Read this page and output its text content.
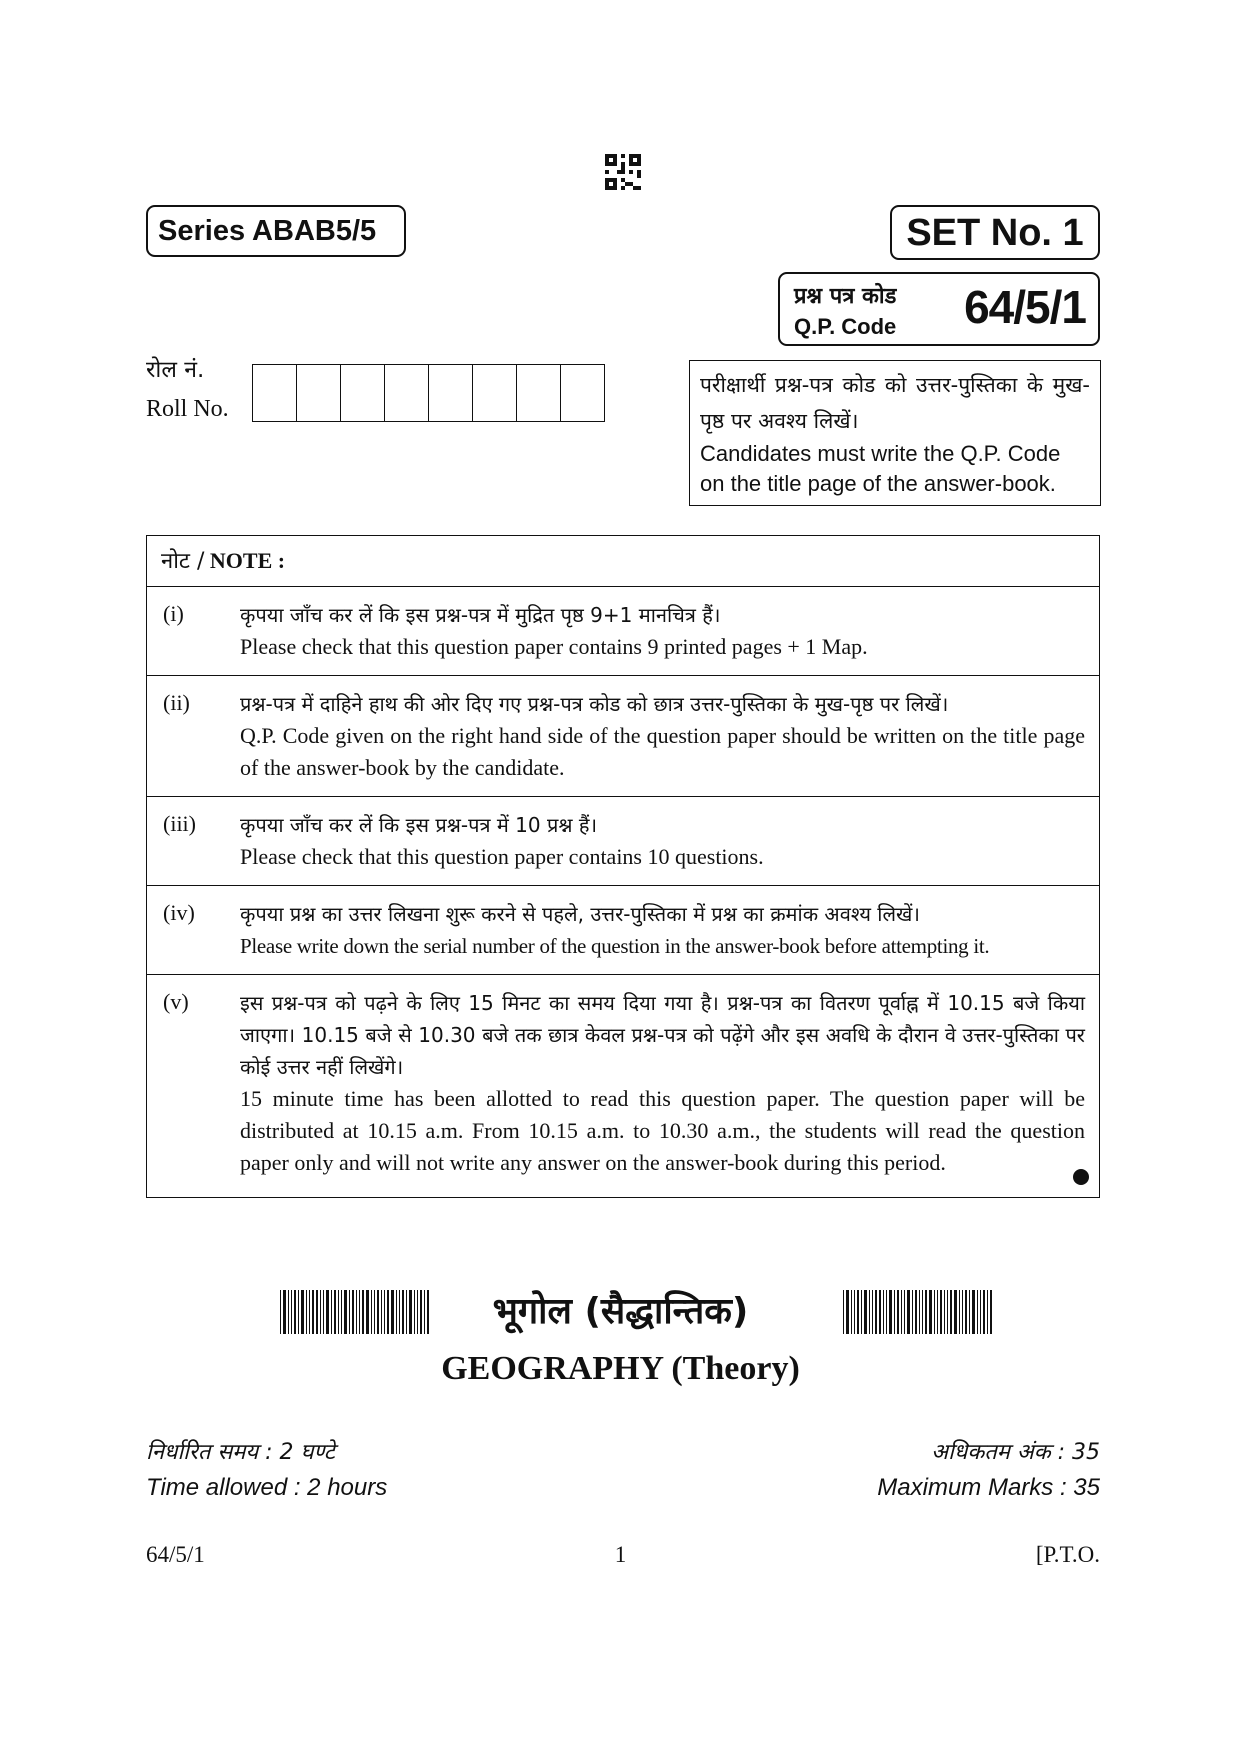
Series ABAB5/5	SET No. 1
प्रश्न पत्र कोड
Q.P. Code 64/5/1
रोल नं.
Roll No.
परीक्षार्थी प्रश्न-पत्र कोड को उत्तर-पुस्तिका के मुख-पृष्ठ पर अवश्य लिखें।
Candidates must write the Q.P. Code
on the title page of the answer-book.
नोट / NOTE :
(i)	कृपया जाँच कर लें कि इस प्रश्न-पत्र में मुद्रित पृष्ठ 9+1 मानचित्र हैं।
Please check that this question paper contains 9 printed pages + 1 Map.
(ii)	प्रश्न-पत्र में दाहिने हाथ की ओर दिए गए प्रश्न-पत्र कोड को छात्र उत्तर-पुस्तिका के मुख-पृष्ठ पर लिखें।
Q.P. Code given on the right hand side of the question paper should be written on the title page of the answer-book by the candidate.
(iii) कृपया जाँच कर लें कि इस प्रश्न-पत्र में 10 प्रश्न हैं।
Please check that this question paper contains 10 questions.
(iv) कृपया प्रश्न का उत्तर लिखना शुरू करने से पहले, उत्तर-पुस्तिका में प्रश्न का क्रमांक अवश्य लिखें।
Please write down the serial number of the question in the answer-book before attempting it.
(v)	इस प्रश्न-पत्र को पढ़ने के लिए 15 मिनट का समय दिया गया है। प्रश्न-पत्र का वितरण पूर्वाह्न में 10.15 बजे किया जाएगा। 10.15 बजे से 10.30 बजे तक छात्र केवल प्रश्न-पत्र को पढ़ेंगे और इस अवधि के दौरान वे उत्तर-पुस्तिका पर कोई उत्तर नहीं लिखेंगे।
15 minute time has been allotted to read this question paper. The question paper will be distributed at 10.15 a.m. From 10.15 a.m. to 10.30 a.m., the students will read the question paper only and will not write any answer on the answer-book during this period.
भूगोल (सैद्धान्तिक)
GEOGRAPHY (Theory)
निर्धारित समय : 2 घण्टे
Time allowed : 2 hours
अधिकतम अंक : 35
Maximum Marks : 35
64/5/1	1	[P.T.O.
